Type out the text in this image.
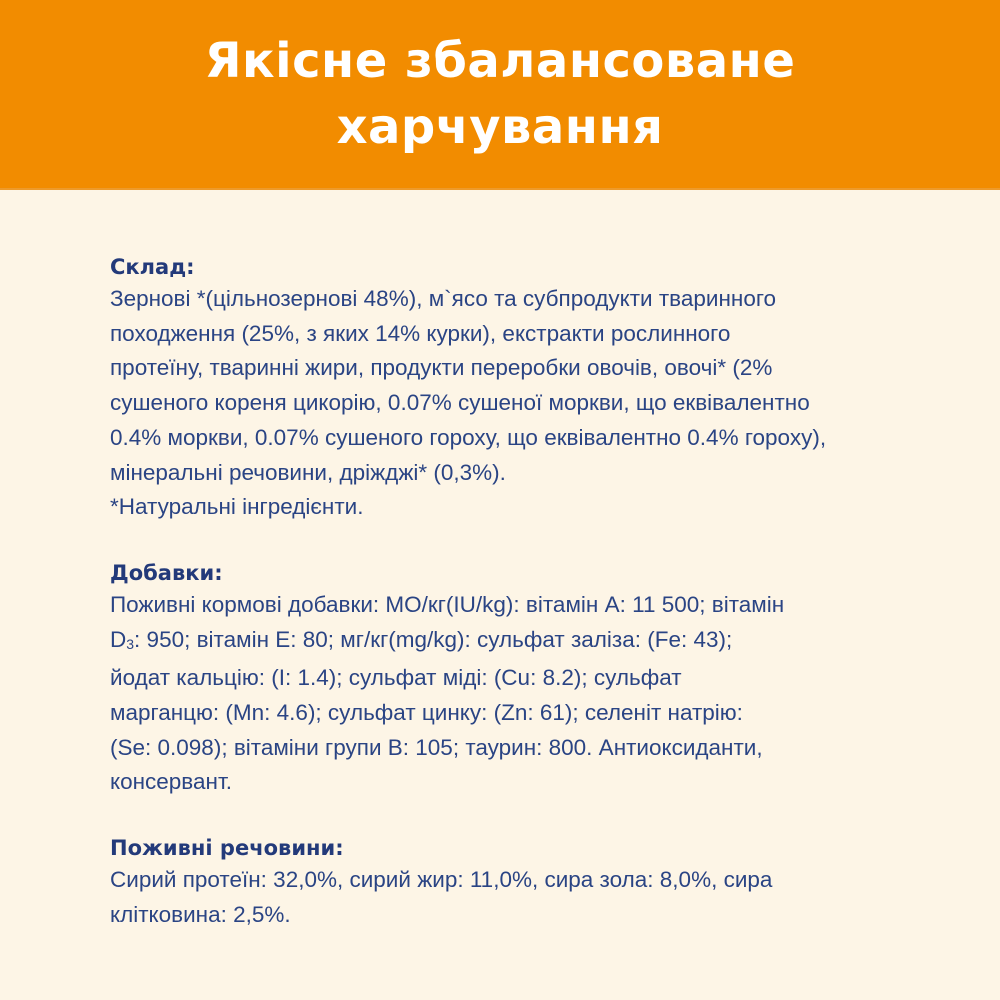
Якісне збалансоване
харчування

Склад:

Зернові *(цільнозернові 48%), м`ясо та субпродукти тваринного
походження (25%, з яких 14% курки), екстракти рослинного
протеїну, тваринні жири, продукти переробки овочів, овочі* (2%
сушеного кореня цикорію, 0.07% сушеної моркви, що еквівалентно
0.4% моркви, 0.07% сушеного гороху, що еквівалентно 0.4% гороху),
мінеральні речовини, дріжджі* (0,3%).
*Натуральні інгредієнти.

Добавки:

Поживні кормові добавки: МО/кг(IU/kg): вітамін А: 11 500; вітамін
$D_3$: 950; вітамін Е: 80; мг/кг(mg/kg): сульфат заліза: (Fe: 43);
йодат кальцію: (I: 1.4); сульфат міді: (Cu: 8.2); сульфат
марганцю: (Mn: 4.6); сульфат цинку: (Zn: 61); селеніт натрію:
(Se: 0.098); вітаміни групи В: 105; таурин: 800. Антиоксиданти,
консервант.

Поживні речовини:

Сирий протеїн: 32,0%, сирий жир: 11,0%, сира зола: 8,0%, сира
клітковина: 2,5%.
